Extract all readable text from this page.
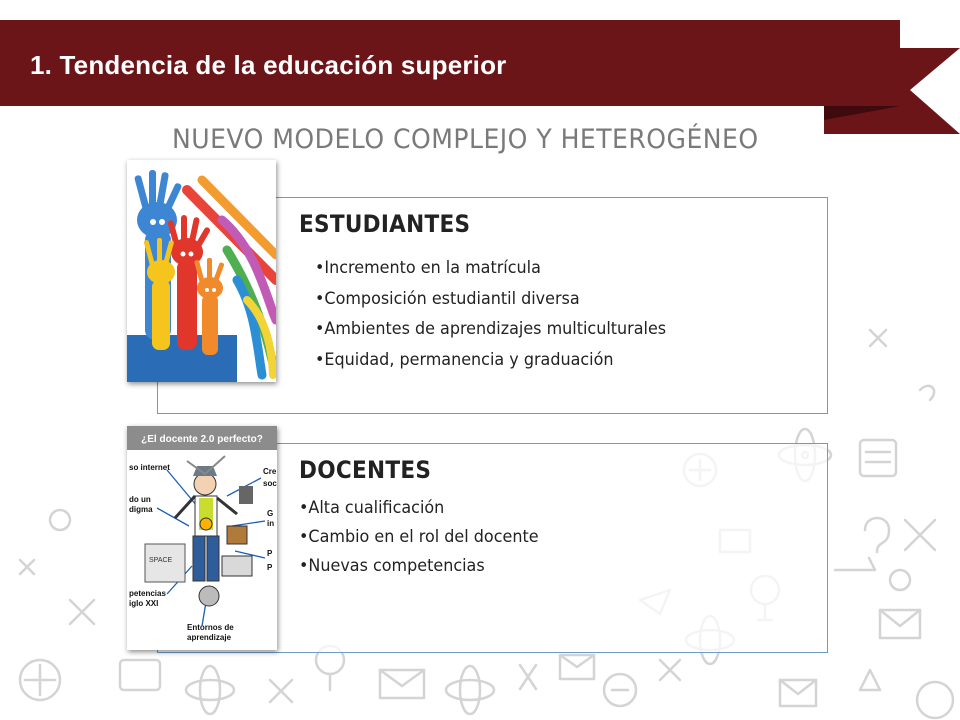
1. Tendencia de la educación superior
NUEVO MODELO COMPLEJO Y HETEROGÉNEO
ESTUDIANTES
•Incremento en la matrícula
•Composición estudiantil diversa
•Ambientes de aprendizajes multiculturales
•Equidad, permanencia y graduación
DOCENTES
•Alta cualificación
•Cambio en el rol del docente
•Nuevas competencias
¿El docente 2.0 perfecto?
so internet
do un
digma
petencias
iglo XXI
Entornos de
aprendizaje
Cre
soc
G
in
P
P
SPACE
